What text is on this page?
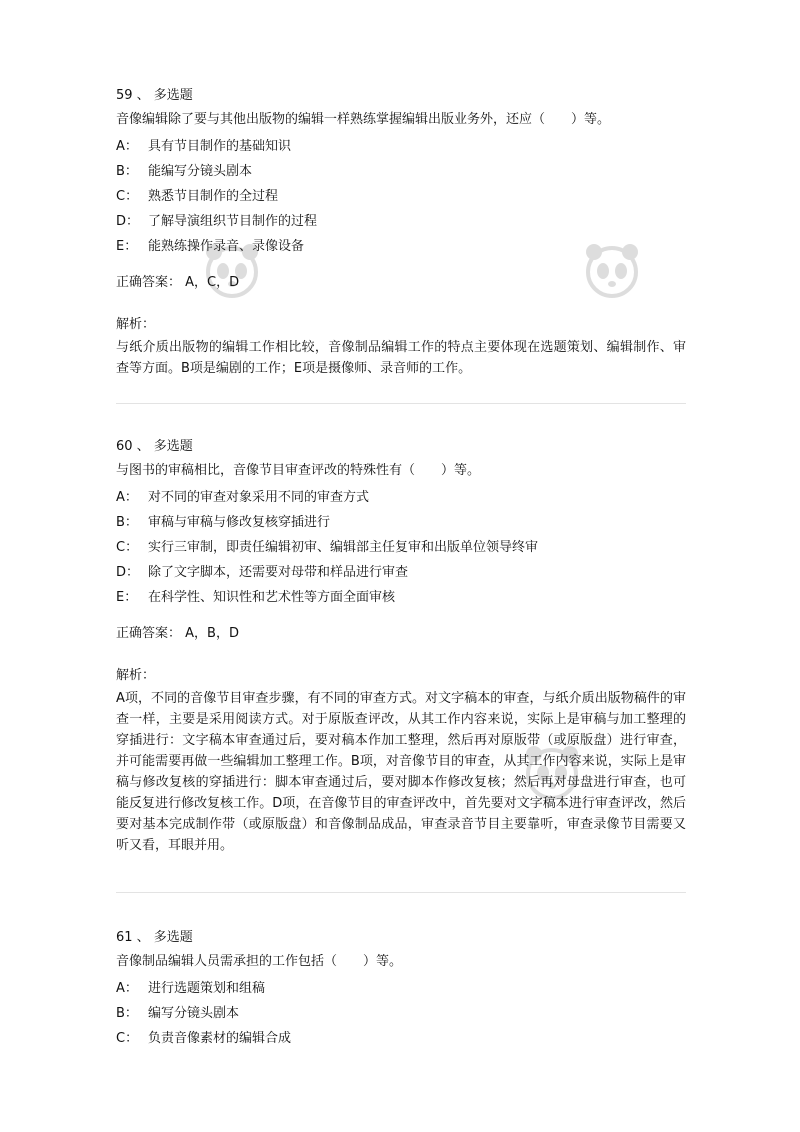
59 、 多选题
音像编辑除了要与其他出版物的编辑一样熟练掌握编辑出版业务外，还应（　　）等。
A： 具有节目制作的基础知识
B： 能编写分镜头剧本
C： 熟悉节目制作的全过程
D： 了解导演组织节目制作的过程
E： 能熟练操作录音、录像设备
正确答案： A，C，D
解析：
与纸介质出版物的编辑工作相比较，音像制品编辑工作的特点主要体现在选题策划、编辑制作、审查等方面。B项是编剧的工作；E项是摄像师、录音师的工作。
60 、 多选题
与图书的审稿相比，音像节目审查评改的特殊性有（　　）等。
A： 对不同的审查对象采用不同的审查方式
B： 审稿与审稿与修改复核穿插进行
C： 实行三审制，即责任编辑初审、编辑部主任复审和出版单位领导终审
D： 除了文字脚本，还需要对母带和样品进行审查
E： 在科学性、知识性和艺术性等方面全面审核
正确答案： A，B，D
解析：
A项，不同的音像节目审查步骤，有不同的审查方式。对文字稿本的审查，与纸介质出版物稿件的审查一样，主要是采用阅读方式。对于原版查评改，从其工作内容来说，实际上是审稿与加工整理的穿插进行：文字稿本审查通过后，要对稿本作加工整理，然后再对原版带（或原版盘）进行审查，并可能需要再做一些编辑加工整理工作。B项，对音像节目的审查，从其工作内容来说，实际上是审稿与修改复核的穿插进行：脚本审查通过后，要对脚本作修改复核；然后再对母盘进行审查，也可能反复进行修改复核工作。D项，在音像节目的审查评改中，首先要对文字稿本进行审查评改，然后要对基本完成制作带（或原版盘）和音像制品成品，审查录音节目主要靠听，审查录像节目需要又听又看，耳眼并用。
61 、 多选题
音像制品编辑人员需承担的工作包括（　　）等。
A： 进行选题策划和组稿
B： 编写分镜头剧本
C： 负责音像素材的编辑合成
